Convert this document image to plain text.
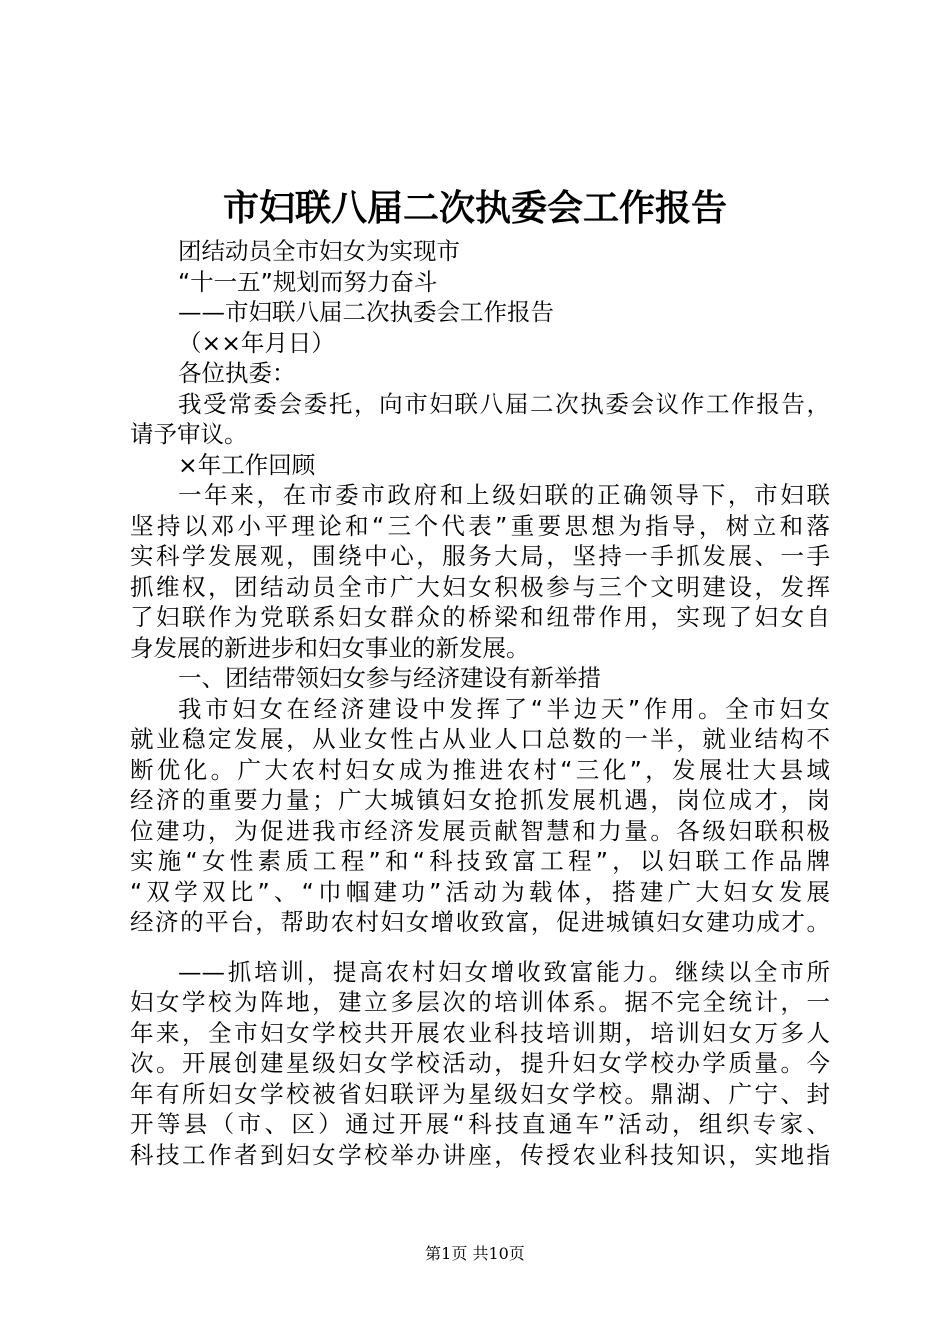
市妇联八届二次执委会工作报告
团结动员全市妇女为实现市
“十一五”规划而努力奋斗
——市妇联八届二次执委会工作报告
（××年月日）
各位执委：
我受常委会委托，向市妇联八届二次执委会议作工作报告，
请予审议。
×年工作回顾
一年来，在市委市政府和上级妇联的正确领导下，市妇联
坚持以邓小平理论和“三个代表”重要思想为指导，树立和落
实科学发展观，围绕中心，服务大局，坚持一手抓发展、一手
抓维权，团结动员全市广大妇女积极参与三个文明建设，发挥
了妇联作为党联系妇女群众的桥梁和纽带作用，实现了妇女自
身发展的新进步和妇女事业的新发展。
一、团结带领妇女参与经济建设有新举措
我市妇女在经济建设中发挥了“半边天”作用。全市妇女
就业稳定发展，从业女性占从业人口总数的一半，就业结构不
断优化。广大农村妇女成为推进农村“三化”，发展壮大县域
经济的重要力量；广大城镇妇女抢抓发展机遇，岗位成才，岗
位建功，为促进我市经济发展贡献智慧和力量。各级妇联积极
实施“女性素质工程”和“科技致富工程”，以妇联工作品牌
“双学双比”、“巾帼建功”活动为载体，搭建广大妇女发展
经济的平台，帮助农村妇女增收致富，促进城镇妇女建功成才。
——抓培训，提高农村妇女增收致富能力。继续以全市所
妇女学校为阵地，建立多层次的培训体系。据不完全统计，一
年来，全市妇女学校共开展农业科技培训期，培训妇女万多人
次。开展创建星级妇女学校活动，提升妇女学校办学质量。今
年有所妇女学校被省妇联评为星级妇女学校。鼎湖、广宁、封
开等县（市、区）通过开展“科技直通车”活动，组织专家、
科技工作者到妇女学校举办讲座，传授农业科技知识，实地指
第1页 共10页
